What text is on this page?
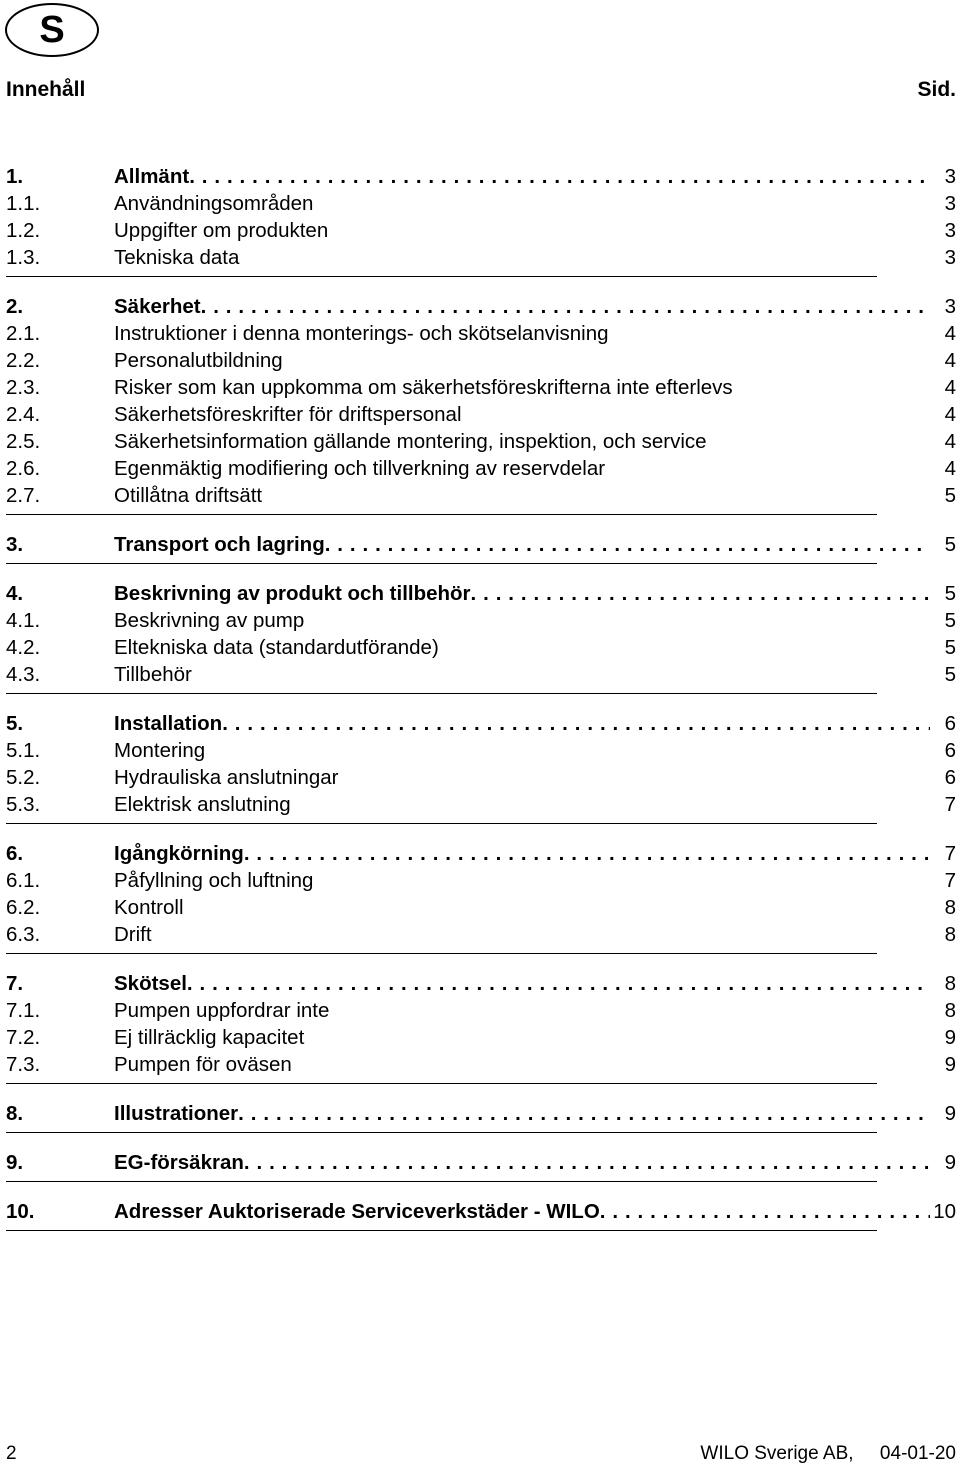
S
Innehåll	Sid.
1.	Allmänt . . .	3
1.1.	Användningsområden	3
1.2.	Uppgifter om produkten	3
1.3.	Tekniska data	3
2.	Säkerhet . . .	3
2.1.	Instruktioner i denna monterings- och skötselanvisning	4
2.2.	Personalutbildning	4
2.3.	Risker som kan uppkomma om säkerhetsföreskrifterna inte efterlevs	4
2.4.	Säkerhetsföreskrifter för driftspersonal	4
2.5.	Säkerhetsinformation gällande montering, inspektion, och service	4
2.6.	Egenmäktig modifiering och tillverkning av reservdelar	4
2.7.	Otillåtna driftsätt	5
3.	Transport och lagring . . .	5
4.	Beskrivning av produkt och tillbehör . . .	5
4.1.	Beskrivning av pump	5
4.2.	Eltekniska data (standardutförande)	5
4.3.	Tillbehör	5
5.	Installation . . .	6
5.1.	Montering	6
5.2.	Hydrauliska anslutningar	6
5.3.	Elektrisk anslutning	7
6.	Igångkörning . . .	7
6.1.	Påfyllning och luftning	7
6.2.	Kontroll	8
6.3.	Drift	8
7.	Skötsel . . .	8
7.1.	Pumpen uppfordrar inte	8
7.2.	Ej tillräcklig kapacitet	9
7.3.	Pumpen för oväsen	9
8.	Illustrationer . . .	9
9.	EG-försäkran . . .	9
10.	Adresser Auktoriserade Serviceverkstäder - WILO . . .	10
2	WILO Sverige AB,     04-01-20
